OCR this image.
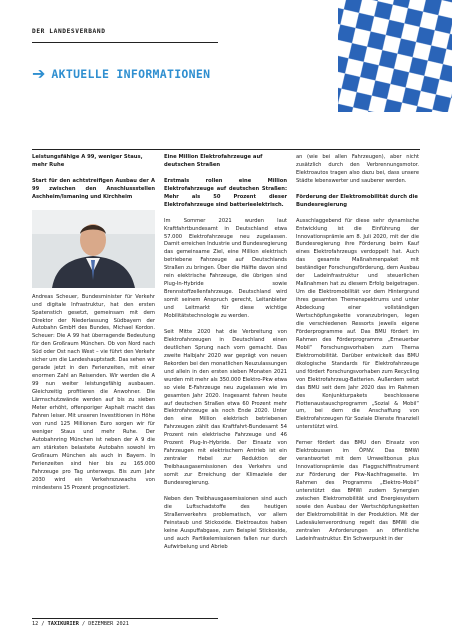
DER LANDESVERBAND
➔ AKTUELLE INFORMATIONEN
Leistungsfähige A 99, weniger Staus, mehr Ruhe

Start für den achtstreifigen Ausbau der A 99 zwischen den Anschlussstellen Aschheim/Ismaning und Kirchheim

Andreas Scheuer, Bundesminister für Verkehr und digitale Infrastruktur, hat den ersten Spatenstich gesetzt, gemeinsam mit dem Direktor der Niederlassung Südbayern der Autobahn GmbH des Bundes, Michael Kordon. Scheuer: Die A 99 hat überragende Bedeutung für den Großraum München. Ob von Nord nach Süd oder Ost nach West – vie führt den Verkehr sicher um die Landeshauptstadt. Das sehen wir gerade jetzt in den Ferienzeiten, mit einer enormen Zahl an Reisenden. Wir werden die A 99 nun weiter leistungsfähig ausbauen. Gleichzeitig profitieren die Anwohner. Die Lärmschutzwände werden auf bis zu sieben Meter erhöht, offenporiger Asphalt macht das Fahren leiser. Mit unseren Investitionen in Höhe von rund 125 Millionen Euro sorgen wir für weniger Staus und mehr Ruhe. Der Autobahnring München ist neben der A 9 die am stärksten belastete Autobahn sowohl im Großraum München als auch in Bayern. In Ferienzeiten sind hier bis zu 165.000 Fahrzeuge pro Tag unterwegs. Bis zum Jahr 2030 wird ein Verkehrszuwachs von mindestens 15 Prozent prognostiziert.

Eine Million Elektrofahrzeuge auf deutschen Straßen

Erstmals rollen eine Million Elektrofahrzeuge auf deutschen Straßen: Mehr als 50 Prozent dieser Elektrofahrzeuge sind batterieelektrisch.

Im Sommer 2021 wurden laut Kraftfahrtbundesamt in Deutschland etwa 57.000 Elektrofahrzeuge neu zugelassen. Damit erreichen Industrie und Bundesregierung das gemeinsame Ziel, eine Million elektrisch betriebene Fahrzeuge auf Deutschlands Straßen zu bringen. Über die Hälfte davon sind rein elektrische Fahrzeuge, die übrigen sind Plug-In-Hybride sowie Brennstoffzellenfahrzeuge. Deutschland wird somit seinem Anspruch gerecht, Leitanbieter und Leitmarkt für diese wichtige Mobilitätstechnologie zu werden.

Seit Mitte 2020 hat die Verbreitung von Elektrofahrzeugen in Deutschland einen deutlichen Sprung nach vorn gemacht. Das zweite Halbjahr 2020 war geprägt von neuen Rekorden bei den monatlichen Neuzulassungen und allein in den ersten sieben Monaten 2021 wurden mit mehr als 350.000 Elektro-Pkw etwa so viele E-Fahrzeuge neu zugelassen wie im gesamten Jahr 2020. Insgesamt fahren heute auf deutschen Straßen etwa 60 Prozent mehr Elektrofahrzeuge als noch Ende 2020. Unter den eine Million elektrisch betriebenen Fahrzeugen zählt das Kraftfahrt-Bundesamt 54 Prozent rein elektrische Fahrzeuge und 46 Prozent Plug-In-Hybride. Der Einsatz von Fahrzeugen mit elektrischem Antrieb ist ein zentraler Hebel zur Reduktion der Treibhausgasemissionen des Verkehrs und somit zur Erreichung der Klimaziele der Bundesregierung.

Neben den Treibhausgasemissionen sind auch die Luftschadstoffe des heutigen Straßenverkehrs problematisch, vor allem Feinstaub und Stickoxide. Elektroautos haben keine Auspuffabgase, zum Beispiel Stickoxide, und auch Partikelemissionen fallen nur durch Aufwirbelung und Abrieb

an (wie bei allen Fahrzeugen), aber nicht zusätzlich durch den Verbrennungsmotor. Elektroautos tragen also dazu bei, dass unsere Städte lebenswerter und sauberer werden.

Förderung der Elektromobilität durch die Bundesregierung

Ausschlaggebend für diese sehr dynamische Entwicklung ist die Einführung der Innovationsprämie am 8. Juli 2020, mit der die Bundesregierung ihre Förderung beim Kauf eines Elektrofahrzeugs verdoppelt hat. Auch das gesamte Maßnahmenpaket mit beständiger Forschungsförderung, dem Ausbau der Ladeinfrastruktur und steuerlichen Maßnahmen hat zu diesem Erfolg beigetragen. Um die Elektromobilität vor dem Hintergrund ihres gesamten Themenspektrums und unter Abdeckung einer vollständigen Wertschöpfungskette voranzubringen, legen die verschiedenen Ressorts jeweils eigene Förderprogramme auf. Das BMU fördert im Rahmen des Förderprogramms „Erneuerbar Mobil“ Forschungsvorhaben zum Thema Elektromobilität. Darüber entwickelt das BMU ökologische Standards für Elektrofahrzeuge und fördert Forschungsvorhaben zum Recycling von Elektrofahrzeug-Batterien. Außerdem setzt das BMU seit dem Jahr 2020 das im Rahmen des Konjunkturpakets beschlossene Flottenaustauschprogramm „Sozial & Mobil“ um, bei dem die Anschaffung von Elektrofahrzeugen für Soziale Dienste finanziell unterstützt wird.

Ferner fördert das BMU den Einsatz von Elektrobussen im ÖPNV. Das BMWi verantwortet mit dem Umweltbonus plus Innovationsprämie das Flaggschiffinstrument zur Förderung der Pkw-Nachfrageseite. Im Rahmen des Programms „Elektro-Mobil“ unterstützt das BMWi zudem Synergien zwischen Elektromobilität und Energiesystem sowie den Ausbau der Wertschöpfungsketten der Elektromobilität in der Produktion. Mit der Ladesäulenverordnung regelt das BMWi die zentralen Anforderungen an öffentliche Ladeinfrastruktur. Ein Schwerpunkt in der

12 / TAXIKURIER / DEZEMBER 2021
